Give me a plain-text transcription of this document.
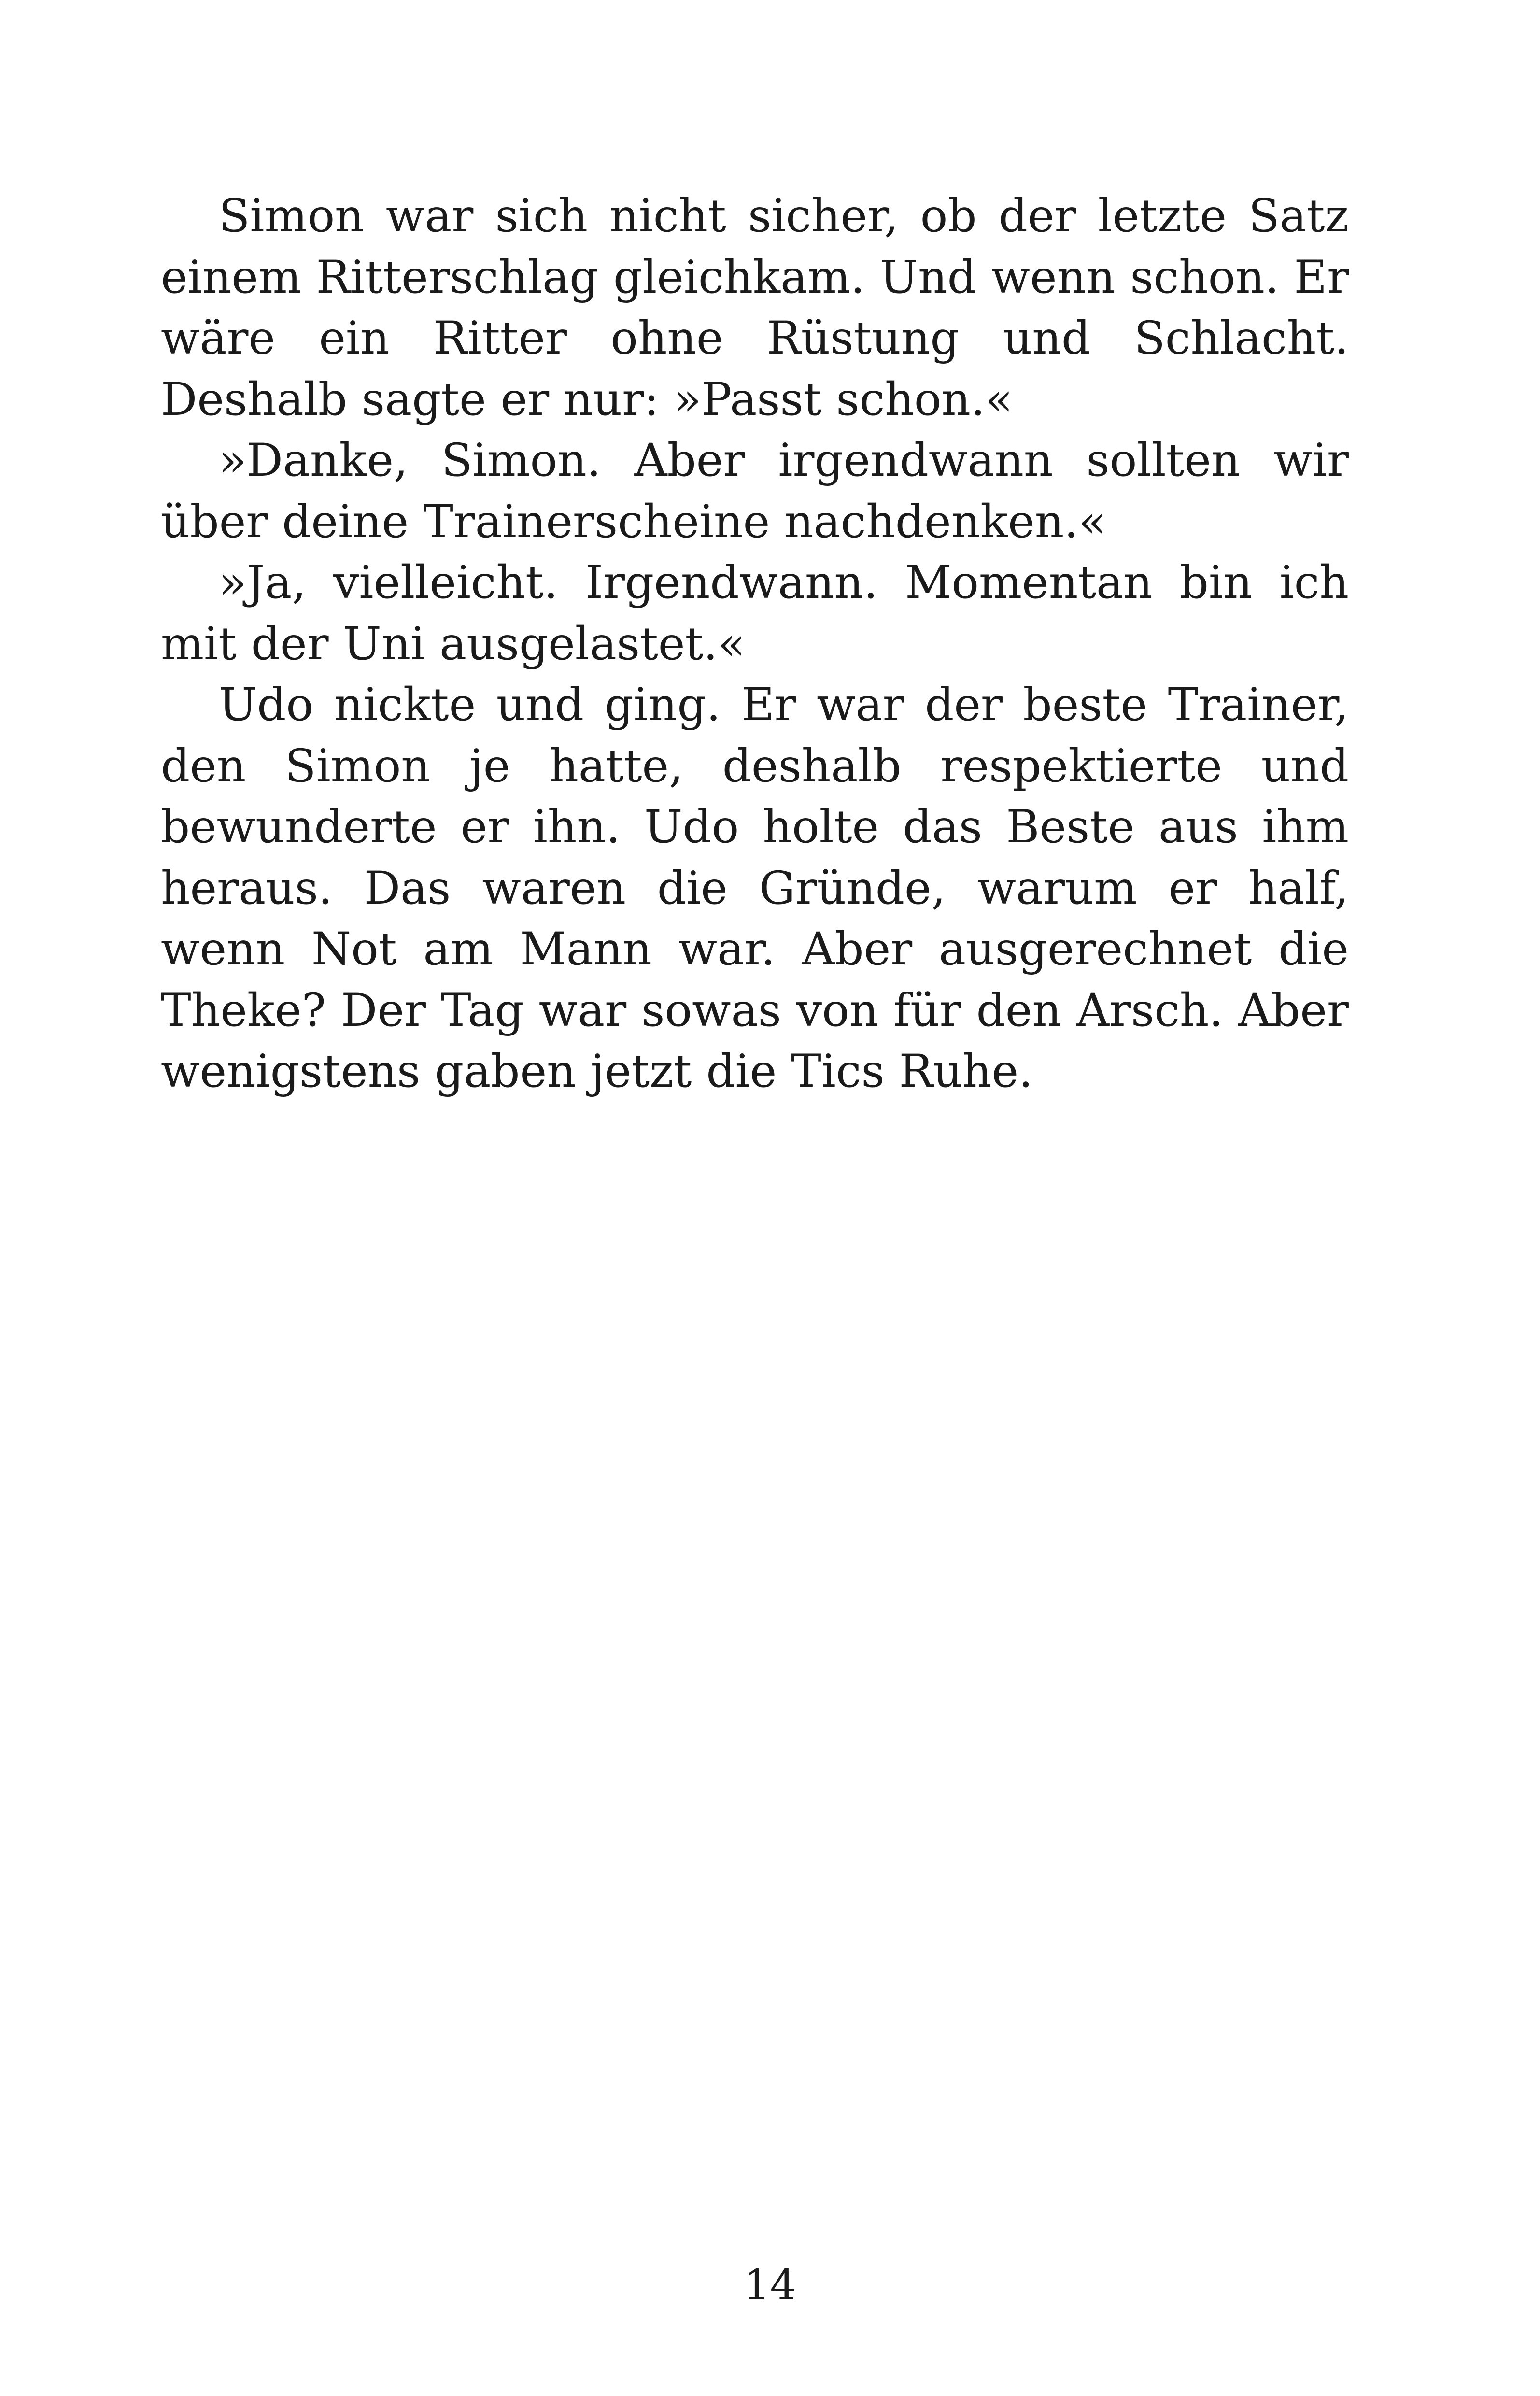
Simon war sich nicht sicher, ob der letzte Satz einem Ritterschlag gleichkam. Und wenn schon. Er wäre ein Ritter ohne Rüstung und Schlacht. Deshalb sagte er nur: »Passt schon.«

»Danke, Simon. Aber irgendwann sollten wir über deine Trainerscheine nachdenken.«

»Ja, vielleicht. Irgendwann. Momentan bin ich mit der Uni ausgelastet.«

Udo nickte und ging. Er war der beste Trainer, den Simon je hatte, deshalb respektierte und bewunderte er ihn. Udo holte das Beste aus ihm heraus. Das waren die Gründe, warum er half, wenn Not am Mann war. Aber ausgerechnet die Theke? Der Tag war sowas von für den Arsch. Aber wenigstens gaben jetzt die Tics Ruhe.

14
